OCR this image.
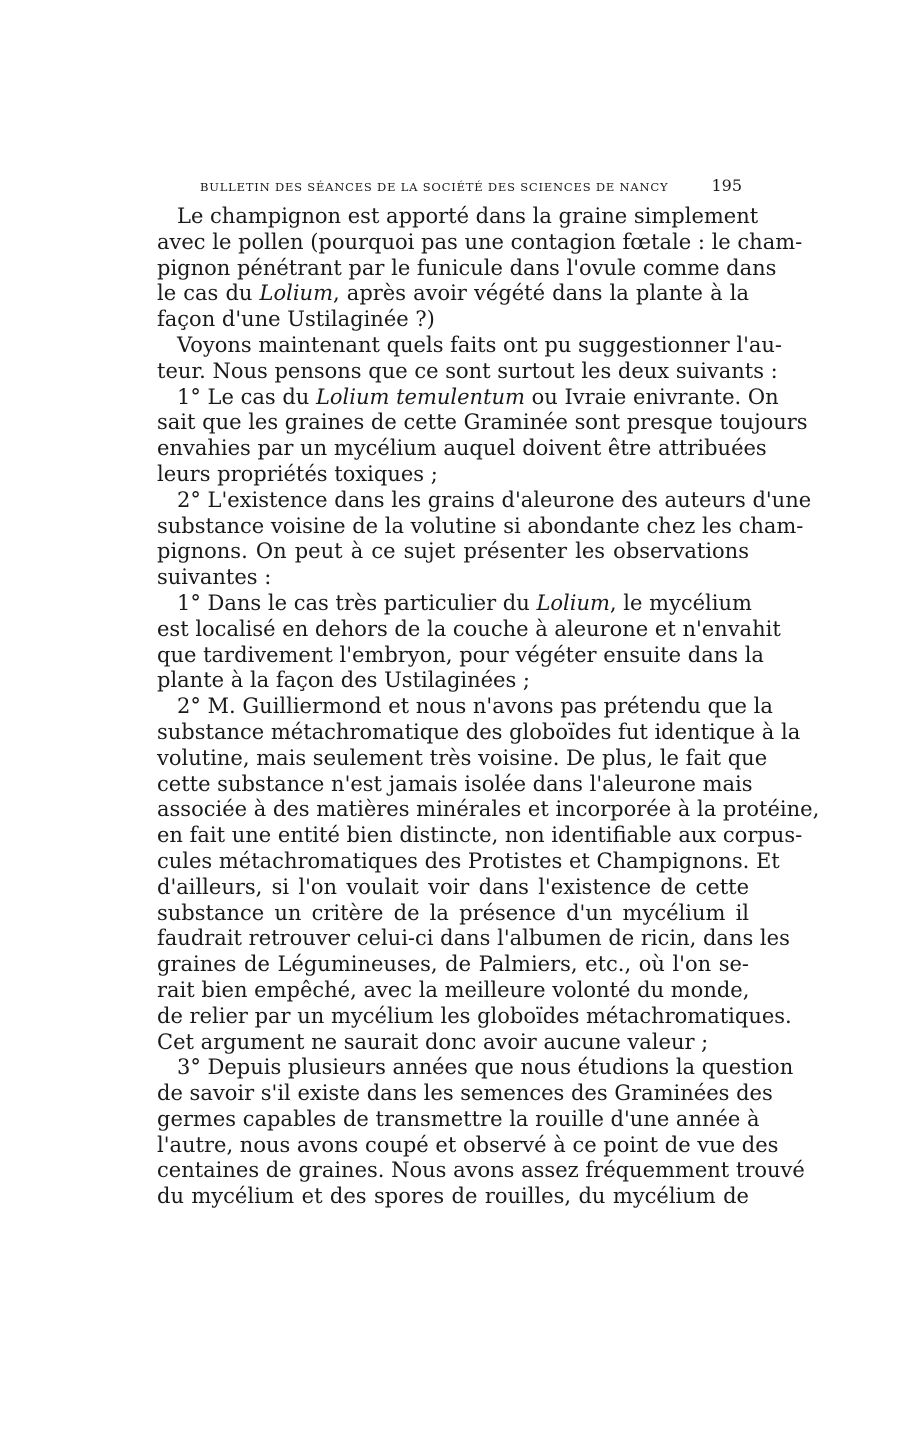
BULLETIN DES SÉANCES DE LA SOCIÉTÉ DES SCIENCES DE NANCY	195
Le champignon est apporté dans la graine simplement
avec le pollen (pourquoi pas une contagion fœtale : le cham-
pignon pénétrant par le funicule dans l'ovule comme dans
le cas du Lolium, après avoir végété dans la plante à la
façon d'une Ustilaginée ?)
Voyons maintenant quels faits ont pu suggestionner l'au-
teur. Nous pensons que ce sont surtout les deux suivants :
1° Le cas du Lolium temulentum ou Ivraie enivrante. On
sait que les graines de cette Graminée sont presque toujours
envahies par un mycélium auquel doivent être attribuées
leurs propriétés toxiques ;
2° L'existence dans les grains d'aleurone des auteurs d'une
substance voisine de la volutine si abondante chez les cham-
pignons. On peut à ce sujet présenter les observations
suivantes :
1° Dans le cas très particulier du Lolium, le mycélium
est localisé en dehors de la couche à aleurone et n'envahit
que tardivement l'embryon, pour végéter ensuite dans la
plante à la façon des Ustilaginées ;
2° M. Guilliermond et nous n'avons pas prétendu que la
substance métachromatique des globoïdes fut identique à la
volutine, mais seulement très voisine. De plus, le fait que
cette substance n'est jamais isolée dans l'aleurone mais
associée à des matières minérales et incorporée à la protéine,
en fait une entité bien distincte, non identifiable aux corpus-
cules métachromatiques des Protistes et Champignons. Et
d'ailleurs, si l'on voulait voir dans l'existence de cette
substance un critère de la présence d'un mycélium il
faudrait retrouver celui-ci dans l'albumen de ricin, dans les
graines de Légumineuses, de Palmiers, etc., où l'on se-
rait bien empêché, avec la meilleure volonté du monde,
de relier par un mycélium les globoïdes métachromatiques.
Cet argument ne saurait donc avoir aucune valeur ;
3° Depuis plusieurs années que nous étudions la question
de savoir s'il existe dans les semences des Graminées des
germes capables de transmettre la rouille d'une année à
l'autre, nous avons coupé et observé à ce point de vue des
centaines de graines. Nous avons assez fréquemment trouvé
du mycélium et des spores de rouilles, du mycélium de
